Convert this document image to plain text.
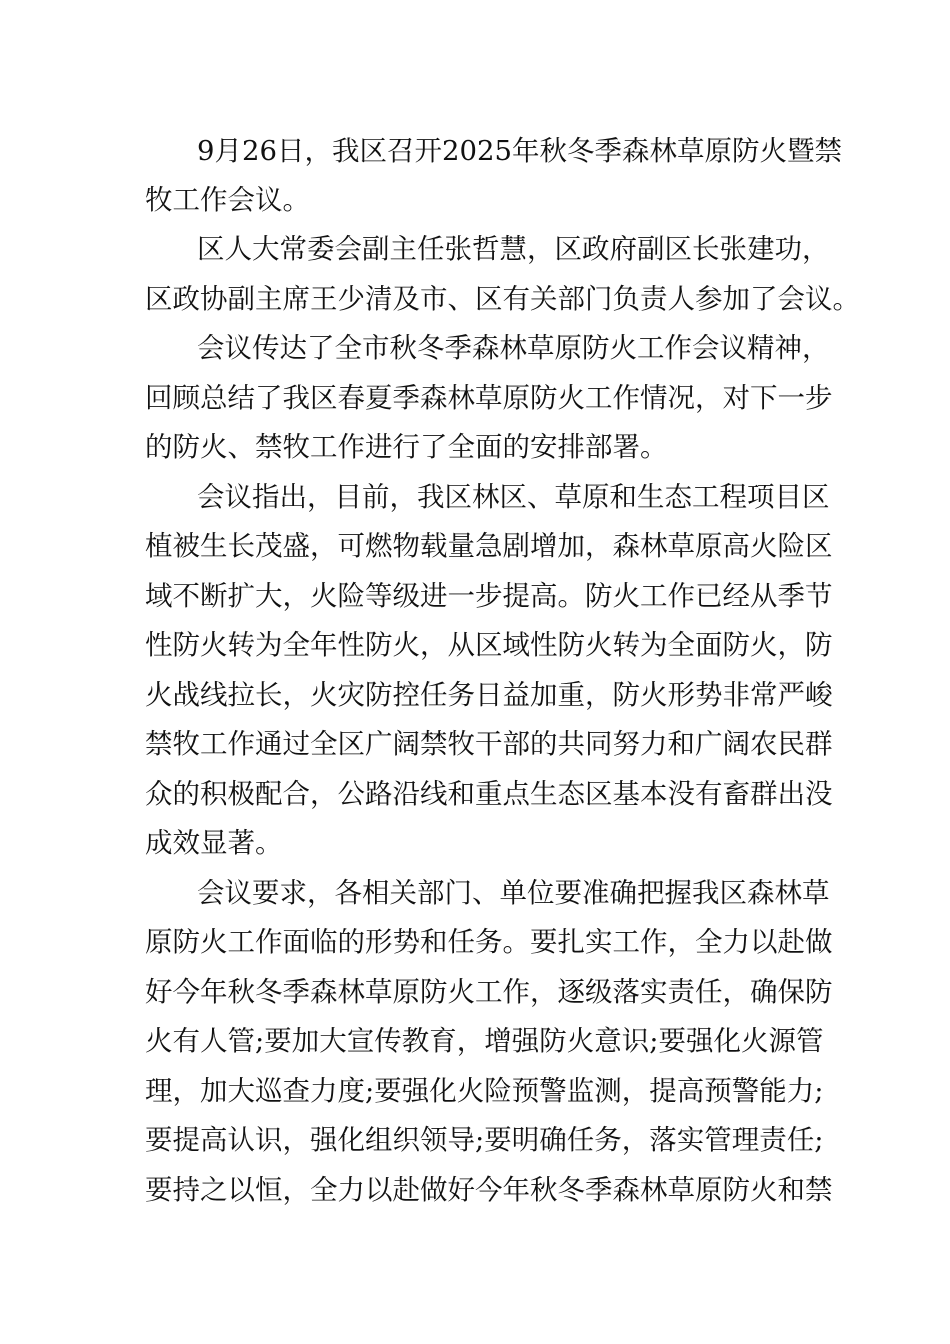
9月26日，我区召开2025年秋冬季森林草原防火暨禁
牧工作会议。
区人大常委会副主任张哲慧，区政府副区长张建功，
区政协副主席王少清及市、区有关部门负责人参加了会议。
会议传达了全市秋冬季森林草原防火工作会议精神，
回顾总结了我区春夏季森林草原防火工作情况，对下一步
的防火、禁牧工作进行了全面的安排部署。
会议指出，目前，我区林区、草原和生态工程项目区
植被生长茂盛，可燃物载量急剧增加，森林草原高火险区
域不断扩大，火险等级进一步提高。防火工作已经从季节
性防火转为全年性防火，从区域性防火转为全面防火，防
火战线拉长，火灾防控任务日益加重，防火形势非常严峻
禁牧工作通过全区广阔禁牧干部的共同努力和广阔农民群
众的积极配合，公路沿线和重点生态区基本没有畜群出没
成效显著。
会议要求，各相关部门、单位要准确把握我区森林草
原防火工作面临的形势和任务。要扎实工作，全力以赴做
好今年秋冬季森林草原防火工作，逐级落实责任，确保防
火有人管;要加大宣传教育，增强防火意识;要强化火源管
理，加大巡查力度;要强化火险预警监测，提高预警能力;
要提高认识，强化组织领导;要明确任务，落实管理责任;
要持之以恒，全力以赴做好今年秋冬季森林草原防火和禁
